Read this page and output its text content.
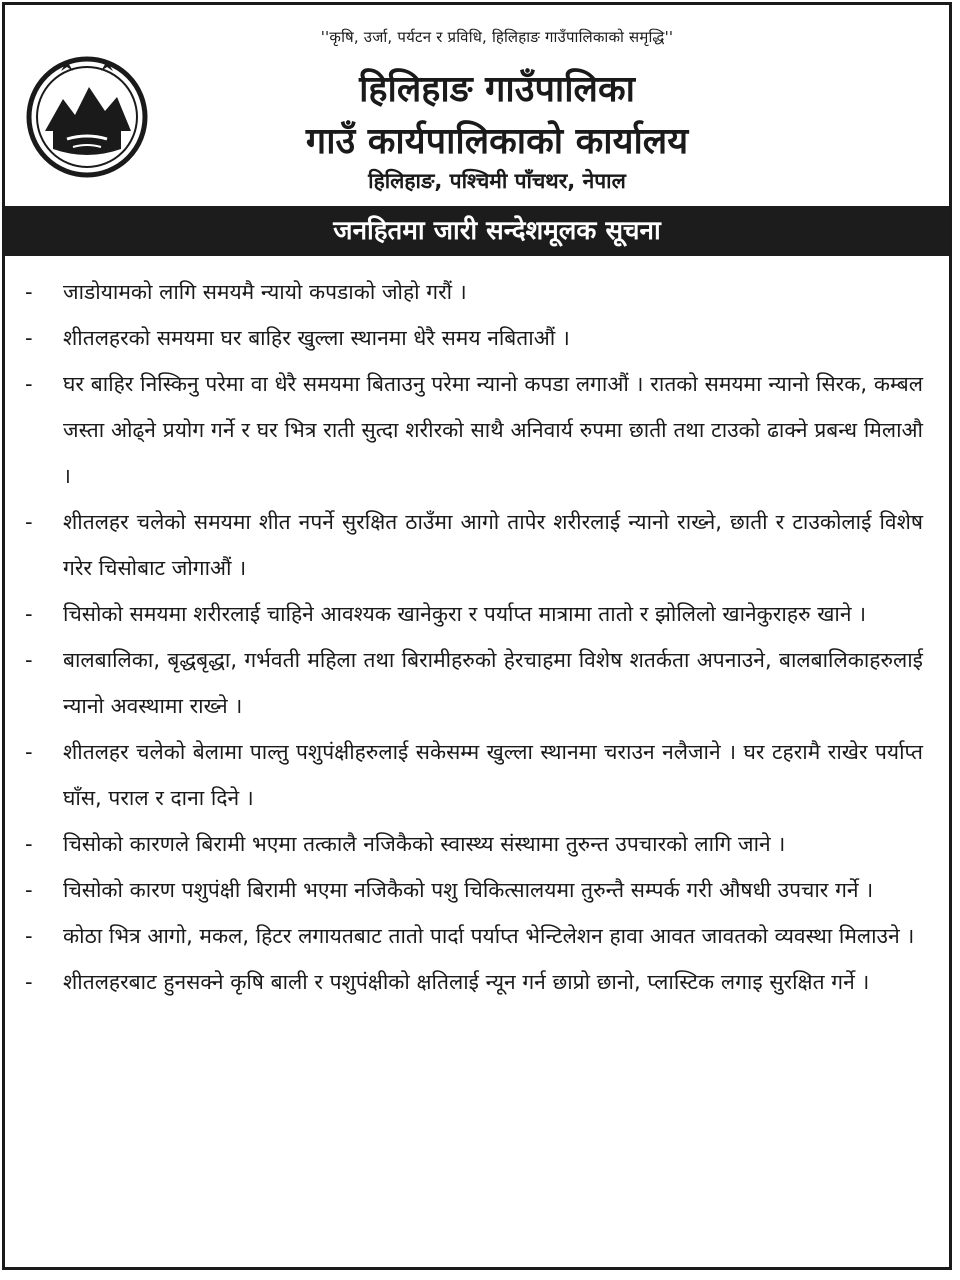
''कृषि, उर्जा, पर्यटन र प्रविधि, हिलिहाङ गाउँपालिकाको समृद्धि''
हिलिहाङ गाउँपालिका
गाउँ कार्यपालिकाको कार्यालय
हिलिहाङ, पश्चिमी पाँचथर, नेपाल
जनहितमा जारी सन्देशमूलक सूचना
- जाडोयामको लागि समयमै न्यायो कपडाको जोहो गरौं ।
- शीतलहरको समयमा घर बाहिर खुल्ला स्थानमा धेरै समय नबिताऔं ।
- घर बाहिर निस्किनु परेमा वा धेरै समयमा बिताउनु परेमा न्यानो कपडा लगाऔं । रातको समयमा न्यानो सिरक, कम्बल जस्ता ओढ्ने प्रयोग गर्ने र घर भित्र राती सुत्दा शरीरको साथै अनिवार्य रुपमा छाती तथा टाउको ढाक्ने प्रबन्ध मिलाऔ ।
- शीतलहर चलेको समयमा शीत नपर्ने सुरक्षित ठाउँमा आगो तापेर शरीरलाई न्यानो राख्ने, छाती र टाउकोलाई विशेष गरेर चिसोबाट जोगाऔं ।
- चिसोको समयमा शरीरलाई चाहिने आवश्यक खानेकुरा र पर्याप्त मात्रामा तातो र झोलिलो खानेकुराहरु खाने ।
- बालबालिका, बृद्धबृद्धा, गर्भवती महिला तथा बिरामीहरुको हेरचाहमा विशेष शतर्कता अपनाउने, बालबालिकाहरुलाई न्यानो अवस्थामा राख्ने ।
- शीतलहर चलेको बेलामा पाल्तु पशुपंक्षीहरुलाई सकेसम्म खुल्ला स्थानमा चराउन नलैजाने । घर टहरामै राखेर पर्याप्त घाँस, पराल र दाना दिने ।
- चिसोको कारणले बिरामी भएमा तत्कालै नजिकैको स्वास्थ्य संस्थामा तुरुन्त उपचारको लागि जाने ।
- चिसोको कारण पशुपंक्षी बिरामी भएमा नजिकैको पशु चिकित्सालयमा तुरुन्तै सम्पर्क गरी औषधी उपचार गर्ने ।
- कोठा भित्र आगो, मकल, हिटर लगायतबाट तातो पार्दा पर्याप्त भेन्टिलेशन हावा आवत जावतको व्यवस्था मिलाउने ।
- शीतलहरबाट हुनसक्ने कृषि बाली र पशुपंक्षीको क्षतिलाई न्यून गर्न छाप्रो छानो, प्लास्टिक लगाइ सुरक्षित गर्ने ।
